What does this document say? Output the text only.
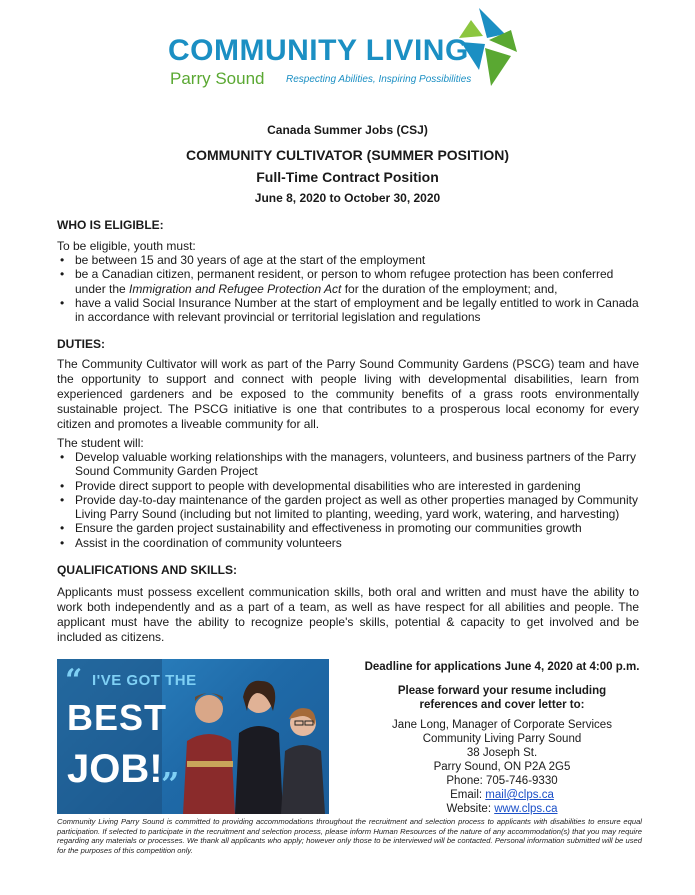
COMMUNITY LIVING
Parry Sound Respecting Abilities, Inspiring Possibilities
Canada Summer Jobs (CSJ)
COMMUNITY CULTIVATOR (SUMMER POSITION)
Full-Time Contract Position
June 8, 2020 to October 30, 2020
WHO IS ELIGIBLE:
To be eligible, youth must:
• be between 15 and 30 years of age at the start of the employment
• be a Canadian citizen, permanent resident, or person to whom refugee protection has been conferred under the Immigration and Refugee Protection Act for the duration of the employment; and,
• have a valid Social Insurance Number at the start of employment and be legally entitled to work in Canada in accordance with relevant provincial or territorial legislation and regulations
DUTIES:
The Community Cultivator will work as part of the Parry Sound Community Gardens (PSCG) team and have the opportunity to support and connect with people living with developmental disabilities, learn from experienced gardeners and be exposed to the community benefits of a grass roots environmentally sustainable project. The PSCG initiative is one that contributes to a prosperous local economy for every citizen and promotes a liveable community for all.
The student will:
• Develop valuable working relationships with the managers, volunteers, and business partners of the Parry Sound Community Garden Project
• Provide direct support to people with developmental disabilities who are interested in gardening
• Provide day-to-day maintenance of the garden project as well as other properties managed by Community Living Parry Sound (including but not limited to planting, weeding, yard work, watering, and harvesting)
• Ensure the garden project sustainability and effectiveness in promoting our communities growth
• Assist in the coordination of community volunteers
QUALIFICATIONS AND SKILLS:
Applicants must possess excellent communication skills, both oral and written and must have the ability to work both independently and as a part of a team, as well as have respect for all abilities and people. The applicant must have the ability to recognize people's skills, potential & capacity to get involved and be included as citizens.
“ I'VE GOT THE
BEST
JOB!
”
Deadline for applications June 4, 2020 at 4:00 p.m.
Please forward your resume including
references and cover letter to:
Jane Long, Manager of Corporate Services
Community Living Parry Sound
38 Joseph St.
Parry Sound, ON P2A 2G5
Phone: 705-746-9330
Email: mail@clps.ca
Website: www.clps.ca
Community Living Parry Sound is committed to providing accommodations throughout the recruitment and selection process to applicants with disabilities to ensure equal participation. If selected to participate in the recruitment and selection process, please inform Human Resources of the nature of any accommodation(s) that you may require regarding any materials or processes. We thank all applicants who apply; however only those to be interviewed will be contacted. Personal information submitted will be used for the purposes of this competition only.
